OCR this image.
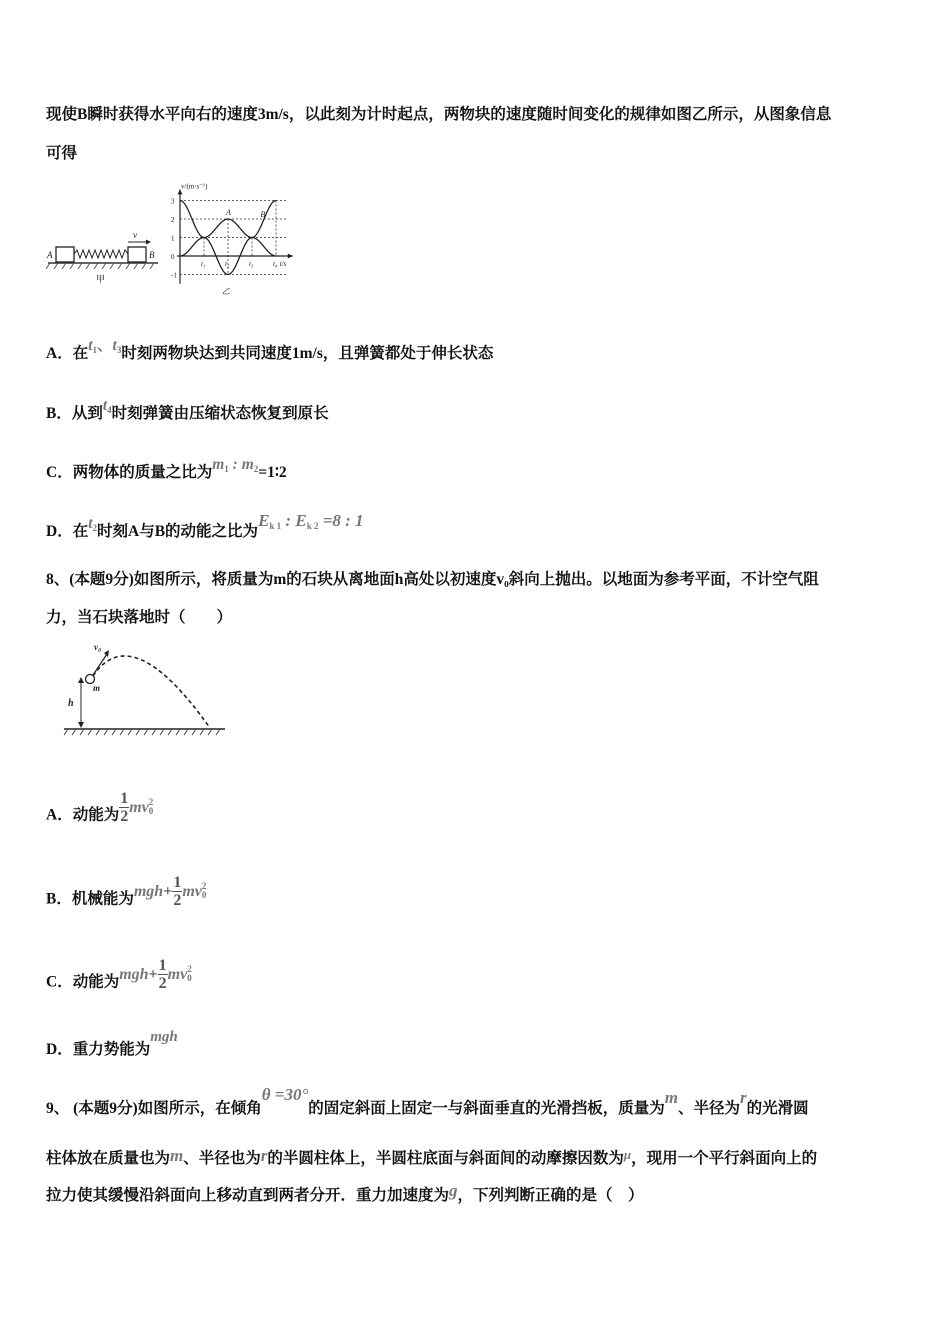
现使B瞬时获得水平向右的速度3m/s，以此刻为计时起点，两物块的速度随时间变化的规律如图乙所示，从图象信息
可得
A	B
v
甲
v/(m·s⁻¹)
t/s
3
2
1
0
-1
t₁	t₂	t₃	t₄
A	B
乙
A．在$t_1$、$t_3$时刻两物块达到共同速度1m/s，且弹簧都处于伸长状态
B．从到$t_4$时刻弹簧由压缩状态恢复到原长
C．两物体的质量之比为$m_1$ : $m_2=1∶2$
D．在$t_2$时刻A与B的动能之比为$E_{k 1}$ : $E_{k 2} =8$ : 1
8、(本题9分)如图所示，将质量为m的石块从离地面h高处以初速度v₀斜向上抛出。以地面为参考平面，不计空气阻
力，当石块落地时（　　）
h
m
v₀
A．动能为 $\frac{1}{2}$ mv 2
0
B．机械能为$mgh+ \frac{1}{2}$ mv 2
0
C．动能为$mgh+ \frac{1}{2}$ mv 2
0
D．重力势能为mgh
9、 (本题9分)如图所示，在倾角θ =30°的固定斜面上固定一与斜面垂直的光滑挡板，质量为m、半径为r的光滑圆
柱体放在质量也为m、半径也为r的半圆柱体上，半圆柱底面与斜面间的动摩擦因数为$^\mu$，现用一个平行斜面向上的
拉力使其缓慢沿斜面向上移动直到两者分开．重力加速度为g，下列判断正确的是（　）
